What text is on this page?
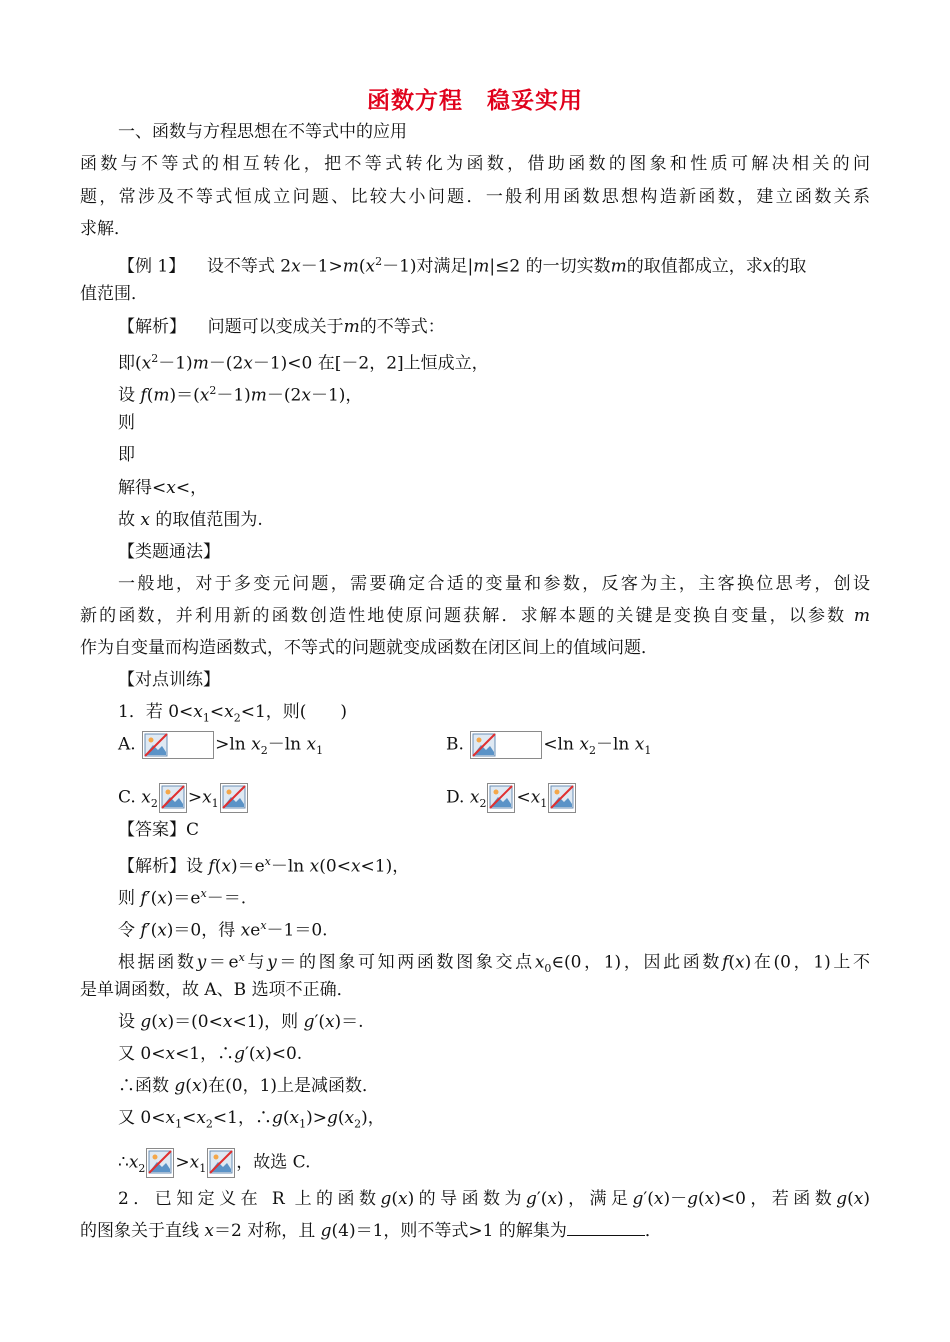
函数方程　稳妥实用
一、函数与方程思想在不等式中的应用
函数与不等式的相互转化，把不等式转化为函数，借助函数的图象和性质可解决相关的问
题，常涉及不等式恒成立问题、比较大小问题．一般利用函数思想构造新函数，建立函数关系
求解．
【例 1】 设不等式 $2x-1>m(x^2-1)$对满足|m|≤2 的一切实数m的取值都成立，求x的取
值范围．
【解析】 问题可以变成关于m的不等式：
即$(x^2-1)m-(2x-1)<0$ 在[－2，2]上恒成立，
设 $f(m)=(x^2-1)m-(2x-1)$，
则
即
解得<x<，
故 x 的取值范围为.
【类题通法】
一般地，对于多变元问题，需要确定合适的变量和参数，反客为主，主客换位思考，创设
新的函数，并利用新的函数创造性地使原问题获解．求解本题的关键是变换自变量，以参数 m
作为自变量而构造函数式，不等式的问题就变成函数在闭区间上的值域问题．
【对点训练】
1．若 $0<x_1<x_2<1$，则(　　)
A.	>ln $x_2-\ln$ $x_1$	B.	<ln $x_2-\ln$ $x_1$
C. $x_2 >x_1$	D. $x_2 <x_1$
【答案】C
【解析】设 $f(x)=e^x-\ln$ x(0<x<1)，
则 $f'(x)=e^x-=$.
令 f′(x)＝0，得 $xe^x-1=0$.
根据函数$y=e^x$与y＝的图象可知两函数图象交点$x_0\in(0$，1)，因此函数f(x)在(0，1)上不
是单调函数，故 A、B 选项不正确．
设 g(x)＝(0<x<1)，则 g′(x)＝.
又 0<x<1，∴g′(x)<0.
∴函数 g(x)在(0，1)上是减函数．
又 $0<x_1<x_2<1$，$\therefore g(x_1)>g(x_2)$，
$\therefore x_2 >x_1$ ，故选 C.
2．已知定义在 R 上的函数g(x)的导函数为g′(x)，满足g′(x)－g(x)<0，若函数g(x)
的图象关于直线 x＝2 对称，且 g(4)＝1，则不等式>1 的解集为	．
